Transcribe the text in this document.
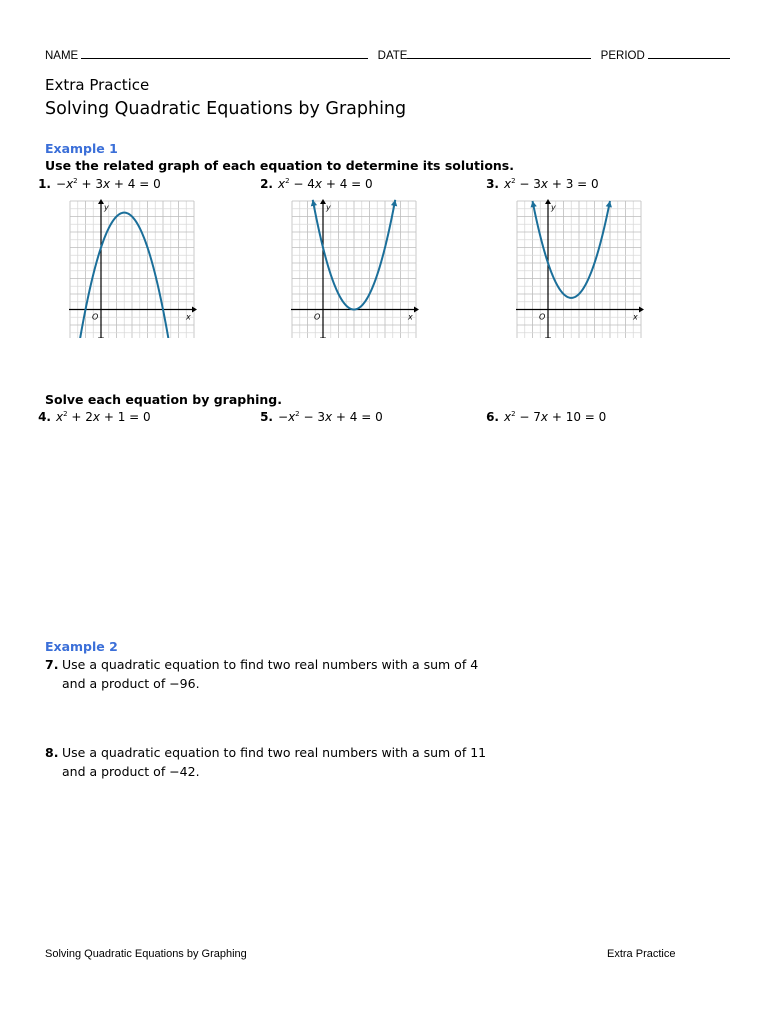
NAME	DATE	PERIOD
Extra Practice
Solving Quadratic Equations by Graphing
Example 1
Use the related graph of each equation to determine its solutions.
1. $-x^2 + 3x + 4 = 0$	2. $x^2 - 4x + 4 = 0$	3. $x^2 - 3x + 3 = 0$
y
x
O
y
x
O
y
x
O
Solve each equation by graphing.
4. $x^2 + 2x + 1 = 0$	5. $-x^2 - 3x + 4 = 0$	6. $x^2 - 7x + 10 = 0$
Example 2
7. Use a quadratic equation to find two real numbers with a sum of 4 and a product of −96.
8. Use a quadratic equation to find two real numbers with a sum of 11 and a product of −42.
Solving Quadratic Equations by Graphing	Extra Practice
